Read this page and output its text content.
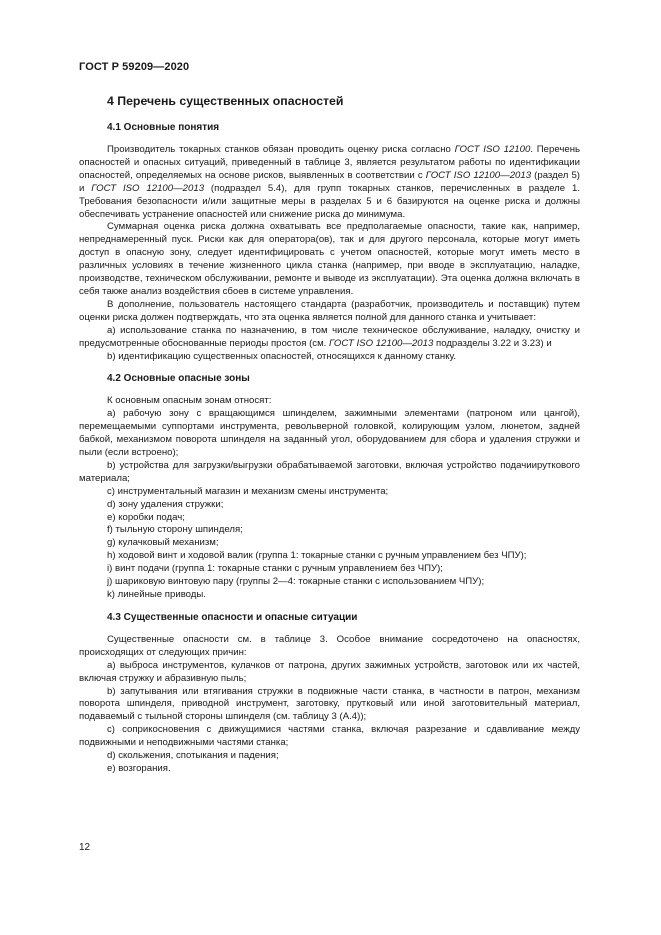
ГОСТ Р 59209—2020
4 Перечень существенных опасностей
4.1 Основные понятия

Производитель токарных станков обязан проводить оценку риска согласно ГОСТ ISO 12100. Перечень опасностей и опасных ситуаций, приведенный в таблице 3, является результатом работы по идентификации опасностей, определяемых на основе рисков, выявленных в соответствии с ГОСТ ISO 12100—2013 (раздел 5) и ГОСТ ISO 12100—2013 (подраздел 5.4), для групп токарных станков, перечисленных в разделе 1. Требования безопасности и/или защитные меры в разделах 5 и 6 базируются на оценке риска и должны обеспечивать устранение опасностей или снижение риска до минимума.

Суммарная оценка риска должна охватывать все предполагаемые опасности, такие как, например, непреднамеренный пуск. Риски как для оператора(ов), так и для другого персонала, которые могут иметь доступ в опасную зону, следует идентифицировать с учетом опасностей, которые могут иметь место в различных условиях в течение жизненного цикла станка (например, при вводе в эксплуатацию, наладке, производстве, техническом обслуживании, ремонте и выводе из эксплуатации). Эта оценка должна включать в себя также анализ воздействия сбоев в системе управления.

В дополнение, пользователь настоящего стандарта (разработчик, производитель и поставщик) путем оценки риска должен подтверждать, что эта оценка является полной для данного станка и учитывает:

a) использование станка по назначению, в том числе техническое обслуживание, наладку, очистку и предусмотренные обоснованные периоды простоя (см. ГОСТ ISO 12100—2013 подразделы 3.22 и 3.23) и

b) идентификацию существенных опасностей, относящихся к данному станку.

4.2 Основные опасные зоны

К основным опасным зонам относят:

a) рабочую зону с вращающимся шпинделем, зажимными элементами (патроном или цангой), перемещаемыми суппортами инструмента, револьверной головкой, колирующим узлом, люнетом, задней бабкой, механизмом поворота шпинделя на заданный угол, оборудованием для сбора и удаления стружки и пыли (если встроено);

b) устройства для загрузки/выгрузки обрабатываемой заготовки, включая устройство подачиируткового материала;

c) инструментальный магазин и механизм смены инструмента;

d) зону удаления стружки;

e) коробки подач;

f) тыльную сторону шпинделя;

g) кулачковый механизм;

h) ходовой винт и ходовой валик (группа 1: токарные станки с ручным управлением без ЧПУ);

i) винт подачи (группа 1: токарные станки с ручным управлением без ЧПУ);

j) шариковую винтовую пару (группы 2—4: токарные станки с использованием ЧПУ);

k) линейные приводы.

4.3 Существенные опасности и опасные ситуации

Существенные опасности см. в таблице 3. Особое внимание сосредоточено на опасностях, происходящих от следующих причин:

a) выброса инструментов, кулачков от патрона, других зажимных устройств, заготовок или их частей, включая стружку и абразивную пыль;

b) запутывания или втягивания стружки в подвижные части станка, в частности в патрон, механизм поворота шпинделя, приводной инструмент, заготовку, прутковый или иной заготовительный материал, подаваемый с тыльной стороны шпинделя (см. таблицу 3 (А.4));

c) соприкосновения с движущимися частями станка, включая разрезание и сдавливание между подвижными и неподвижными частями станка;

d) скольжения, спотыкания и падения;

e) возгорания.

12
